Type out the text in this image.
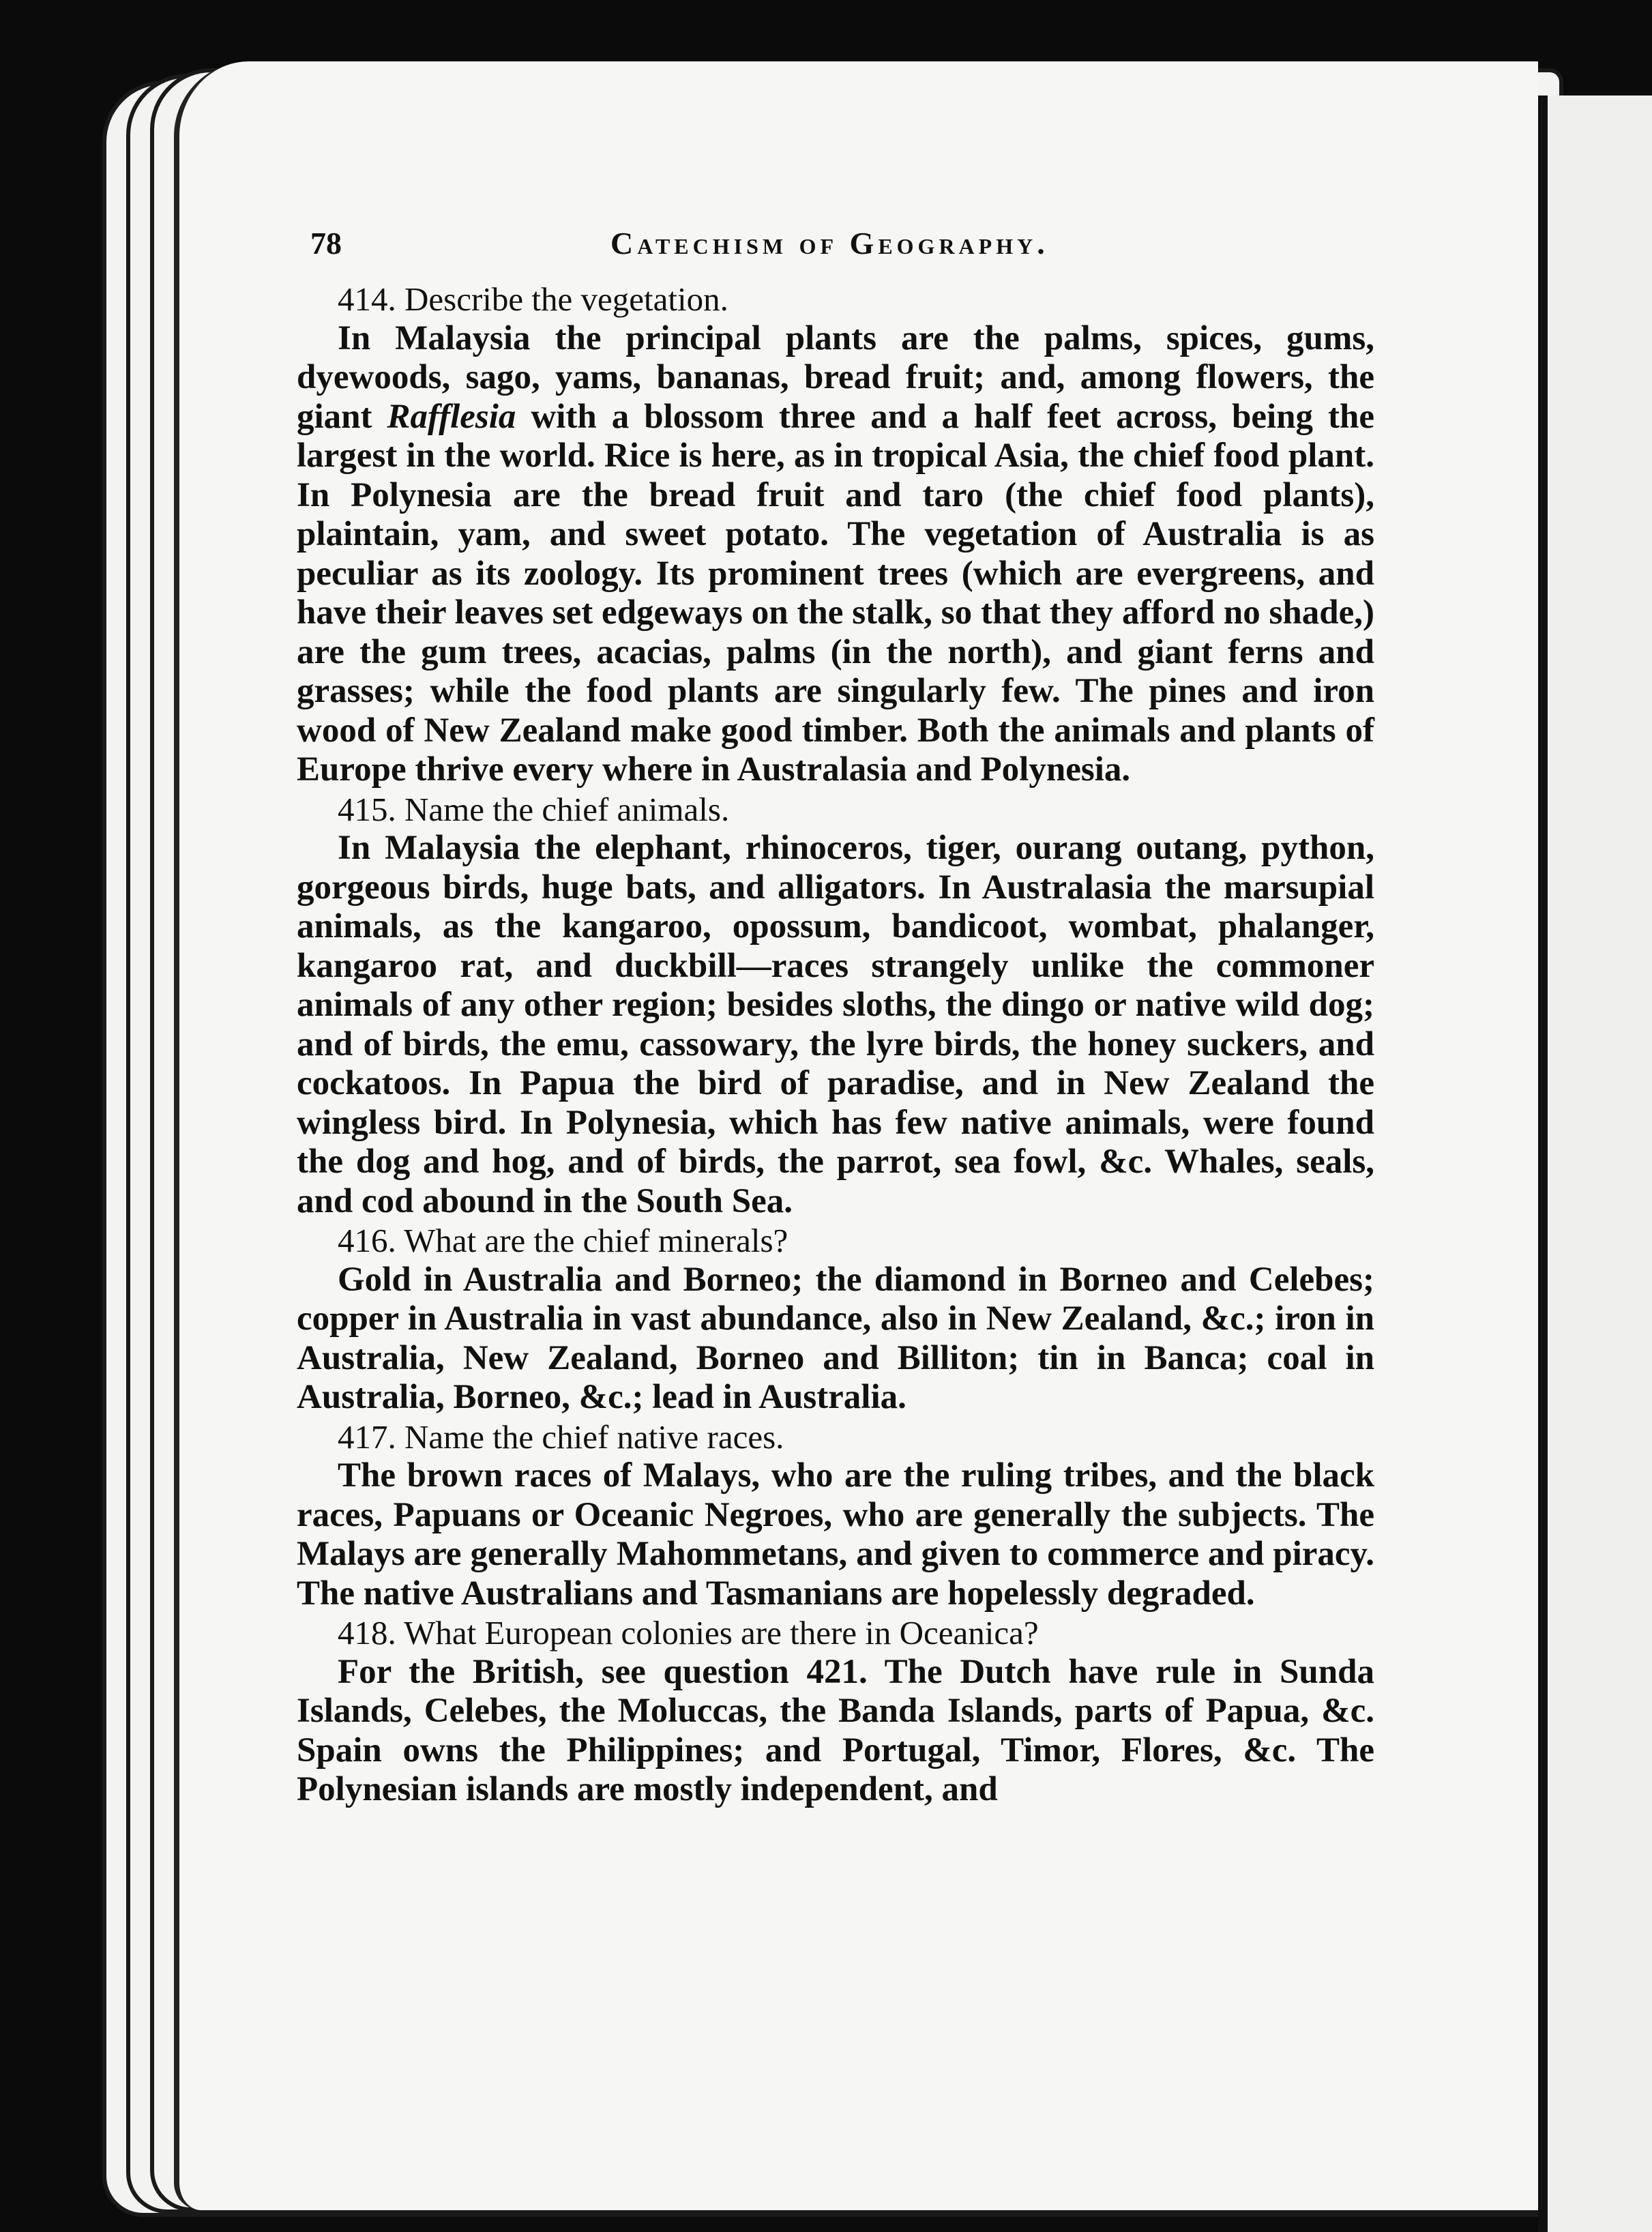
78	Catechism of Geography.

414. Describe the vegetation.

In Malaysia the principal plants are the palms, spices, gums, dyewoods, sago, yams, bananas, bread fruit; and, among flowers, the giant Rafflesia with a blossom three and a half feet across, being the largest in the world. Rice is here, as in tropical Asia, the chief food plant. In Polynesia are the bread fruit and taro (the chief food plants), plaintain, yam, and sweet potato. The vegetation of Australia is as peculiar as its zoology. Its prominent trees (which are evergreens, and have their leaves set edgeways on the stalk, so that they afford no shade,) are the gum trees, acacias, palms (in the north), and giant ferns and grasses; while the food plants are singularly few. The pines and iron wood of New Zealand make good timber. Both the animals and plants of Europe thrive every where in Australasia and Polynesia.

415. Name the chief animals.

In Malaysia the elephant, rhinoceros, tiger, ourang outang, python, gorgeous birds, huge bats, and alligators. In Australasia the marsupial animals, as the kangaroo, opossum, bandicoot, wombat, phalanger, kangaroo rat, and duckbill—races strangely unlike the commoner animals of any other region; besides sloths, the dingo or native wild dog; and of birds, the emu, cassowary, the lyre birds, the honey suckers, and cockatoos. In Papua the bird of paradise, and in New Zealand the wingless bird. In Polynesia, which has few native animals, were found the dog and hog, and of birds, the parrot, sea fowl, &c. Whales, seals, and cod abound in the South Sea.

416. What are the chief minerals?

Gold in Australia and Borneo; the diamond in Borneo and Celebes; copper in Australia in vast abundance, also in New Zealand, &c.; iron in Australia, New Zealand, Borneo and Billiton; tin in Banca; coal in Australia, Borneo, &c.; lead in Australia.

417. Name the chief native races.

The brown races of Malays, who are the ruling tribes, and the black races, Papuans or Oceanic Negroes, who are generally the subjects. The Malays are generally Mahommetans, and given to commerce and piracy. The native Australians and Tasmanians are hopelessly degraded.

418. What European colonies are there in Oceanica?

For the British, see question 421. The Dutch have rule in Sunda Islands, Celebes, the Moluccas, the Banda Islands, parts of Papua, &c. Spain owns the Philippines; and Portugal, Timor, Flores, &c. The Polynesian islands are mostly independent, and
